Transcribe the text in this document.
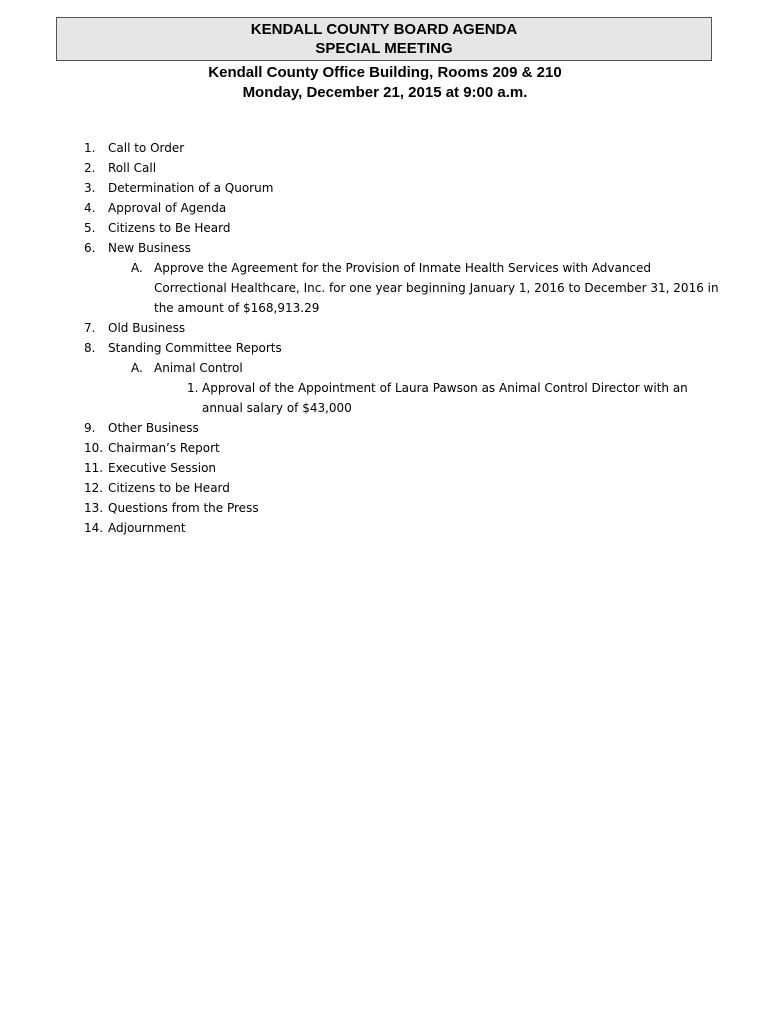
KENDALL COUNTY BOARD AGENDA
SPECIAL MEETING
Kendall County Office Building, Rooms 209 & 210
Monday, December 21, 2015 at 9:00 a.m.
1. Call to Order
2. Roll Call
3. Determination of a Quorum
4. Approval of Agenda
5. Citizens to Be Heard
6. New Business
A. Approve the Agreement for the Provision of Inmate Health Services with Advanced Correctional Healthcare, Inc. for one year beginning January 1, 2016 to December 31, 2016 in the amount of $168,913.29
7. Old Business
8. Standing Committee Reports
A. Animal Control
1. Approval of the Appointment of Laura Pawson as Animal Control Director with an annual salary of $43,000
9. Other Business
10. Chairman’s Report
11. Executive Session
12. Citizens to be Heard
13. Questions from the Press
14. Adjournment
